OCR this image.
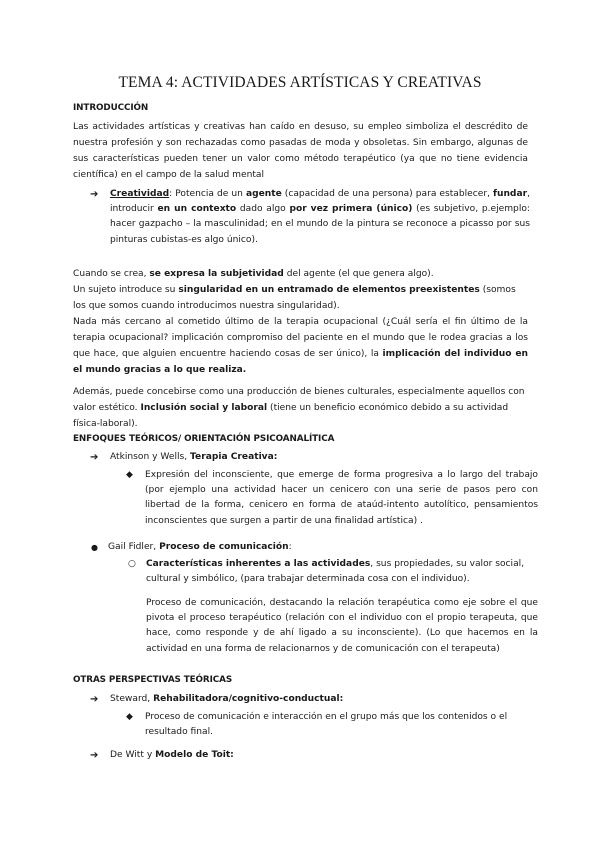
TEMA 4: ACTIVIDADES ARTÍSTICAS Y CREATIVAS
INTRODUCCIÓN
Las actividades artísticas y creativas han caído en desuso, su empleo simboliza el descrédito de nuestra profesión y son rechazadas como pasadas de moda y obsoletas. Sin embargo, algunas de sus características pueden tener un valor como método terapéutico (ya que no tiene evidencia científica) en el campo de la salud mental
➔ Creatividad: Potencia de un agente (capacidad de una persona) para establecer, fundar, introducir en un contexto dado algo por vez primera (único) (es subjetivo, p.ejemplo: hacer gazpacho – la masculinidad; en el mundo de la pintura se reconoce a picasso por sus pinturas cubistas-es algo único).

Cuando se crea, se expresa la subjetividad del agente (el que genera algo).

Un sujeto introduce su singularidad en un entramado de elementos preexistentes (somos los que somos cuando introducimos nuestra singularidad).

Nada más cercano al cometido último de la terapia ocupacional (¿Cuál sería el fin último de la terapia ocupacional? implicación compromiso del paciente en el mundo que le rodea gracias a los que hace, que alguien encuentre haciendo cosas de ser único), la implicación del individuo en el mundo gracias a lo que realiza.

Además, puede concebirse como una producción de bienes culturales, especialmente aquellos con valor estético. Inclusión social y laboral (tiene un beneficio económico debido a su actividad física-laboral).
ENFOQUES TEÓRICOS/ ORIENTACIÓN PSICOANALÍTICA
➔ Atkinson y Wells, Terapia Creativa:
◆ Expresión del inconsciente, que emerge de forma progresiva a lo largo del trabajo (por ejemplo una actividad hacer un cenicero con una serie de pasos pero con libertad de la forma, cenicero en forma de ataúd-intento autolítico, pensamientos inconscientes que surgen a partir de una finalidad artística) .
● Gail Fidler, Proceso de comunicación:
○ Características inherentes a las actividades, sus propiedades, su valor social, cultural y simbólico, (para trabajar determinada cosa con el individuo).
Proceso de comunicación, destacando la relación terapéutica como eje sobre el que pivota el proceso terapéutico (relación con el individuo con el propio terapeuta, que hace, como responde y de ahí ligado a su inconsciente). (Lo que hacemos en la actividad en una forma de relacionarnos y de comunicación con el terapeuta)
OTRAS PERSPECTIVAS TEÓRICAS
➔ Steward, Rehabilitadora/cognitivo-conductual:
◆ Proceso de comunicación e interacción en el grupo más que los contenidos o el resultado final.
➔ De Witt y Modelo de Toit:
